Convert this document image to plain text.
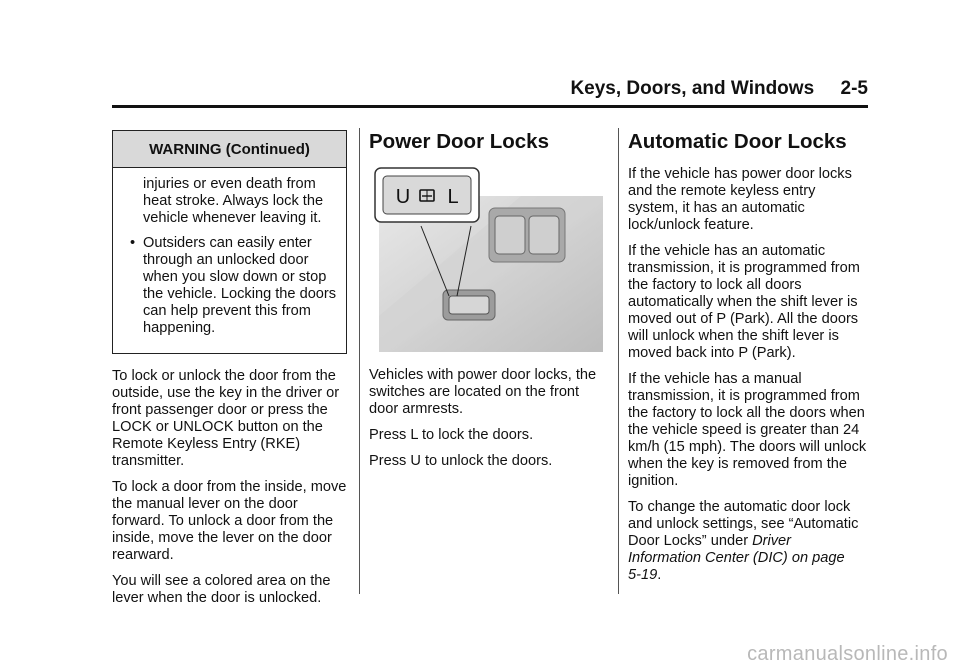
Keys, Doors, and Windows     2-5
WARNING (Continued)

injuries or even death from heat stroke. Always lock the vehicle whenever leaving it.

• Outsiders can easily enter through an unlocked door when you slow down or stop the vehicle. Locking the doors can help prevent this from happening.

To lock or unlock the door from the outside, use the key in the driver or front passenger door or press the LOCK or UNLOCK button on the Remote Keyless Entry (RKE) transmitter.

To lock a door from the inside, move the manual lever on the door forward. To unlock a door from the inside, move the lever on the door rearward.

You will see a colored area on the lever when the door is unlocked.

Power Door Locks
U L

Vehicles with power door locks, the switches are located on the front door armrests.

Press L to lock the doors.

Press U to unlock the doors.

Automatic Door Locks

If the vehicle has power door locks and the remote keyless entry system, it has an automatic lock/unlock feature.

If the vehicle has an automatic transmission, it is programmed from the factory to lock all doors automatically when the shift lever is moved out of P (Park). All the doors will unlock when the shift lever is moved back into P (Park).

If the vehicle has a manual transmission, it is programmed from the factory to lock all the doors when the vehicle speed is greater than 24 km/h (15 mph). The doors will unlock when the key is removed from the ignition.

To change the automatic door lock and unlock settings, see “Automatic Door Locks” under Driver Information Center (DIC) on page 5‑19.

carmanualsonline.info
